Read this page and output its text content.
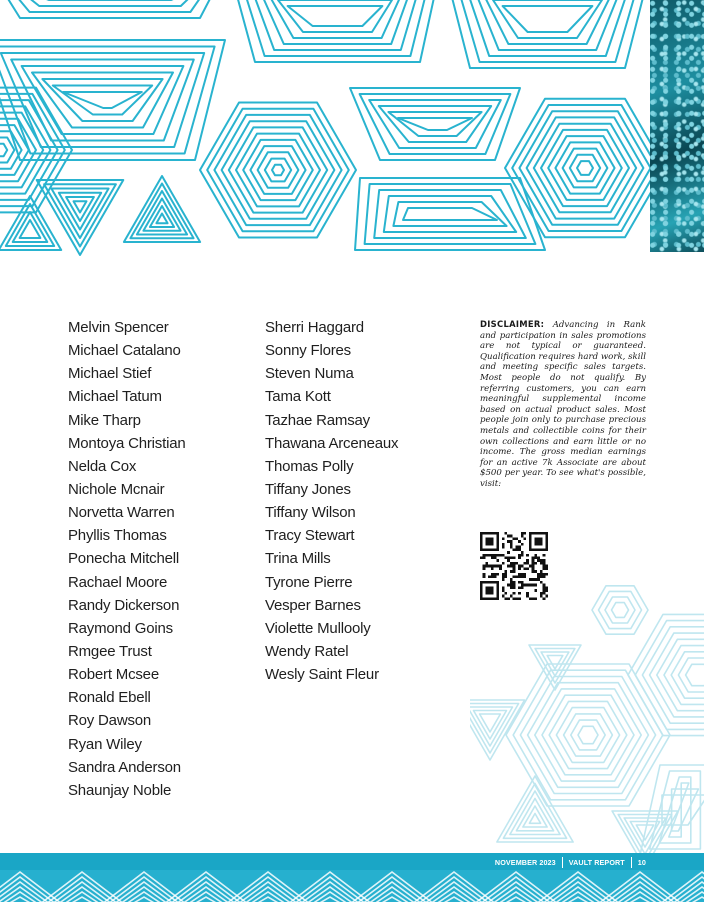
Melvin Spencer
Michael Catalano
Michael Stief
Michael Tatum
Mike Tharp
Montoya Christian
Nelda Cox
Nichole Mcnair
Norvetta Warren
Phyllis Thomas
Ponecha Mitchell
Rachael Moore
Randy Dickerson
Raymond Goins
Rmgee Trust
Robert Mcsee
Ronald Ebell
Roy Dawson
Ryan Wiley
Sandra Anderson
Shaunjay Noble
Sherri Haggard
Sonny Flores
Steven Numa
Tama Kott
Tazhae Ramsay
Thawana Arceneaux
Thomas Polly
Tiffany Jones
Tiffany Wilson
Tracy Stewart
Trina Mills
Tyrone Pierre
Vesper Barnes
Violette Mullooly
Wendy Ratel
Wesly Saint Fleur

DISCLAIMER: Advancing in Rank and participation in sales promotions are not typical or guaranteed. Qualification requires hard work, skill and meeting specific sales targets. Most people do not qualify. By referring customers, you can earn meaningful supplemental income based on actual product sales. Most people join only to purchase precious metals and collectible coins for their own collections and earn little or no income. The gross median earnings for an active 7k Associate are about $500 per year. To see what's possible, visit:

NOVEMBER 2023 VAULT REPORT 10
